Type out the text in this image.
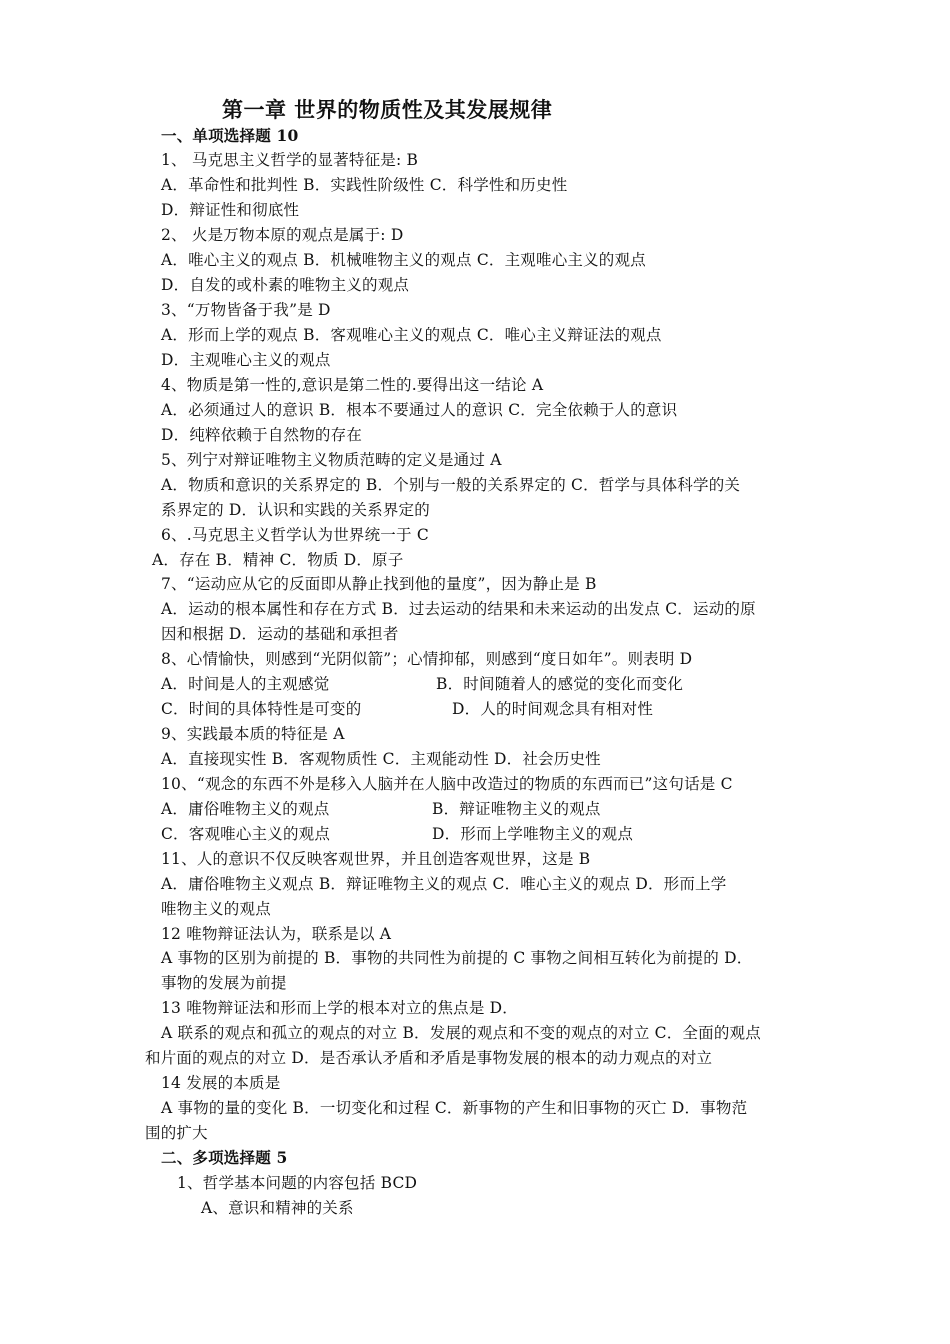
第一章 世界的物质性及其发展规律
一、单项选择题 10
1、 马克思主义哲学的显著特征是: B
A．革命性和批判性 B．实践性阶级性 C．科学性和历史性
D．辩证性和彻底性
2、 火是万物本原的观点是属于: D
A．唯心主义的观点 B．机械唯物主义的观点 C．主观唯心主义的观点
D．自发的或朴素的唯物主义的观点
3、“万物皆备于我”是 D
A．形而上学的观点 B．客观唯心主义的观点 C．唯心主义辩证法的观点
D．主观唯心主义的观点
4、物质是第一性的,意识是第二性的.要得出这一结论 A
A．必须通过人的意识 B．根本不要通过人的意识 C．完全依赖于人的意识
D．纯粹依赖于自然物的存在
5、列宁对辩证唯物主义物质范畴的定义是通过 A
A．物质和意识的关系界定的 B．个别与一般的关系界定的 C．哲学与具体科学的关
系界定的 D．认识和实践的关系界定的
6、.马克思主义哲学认为世界统一于 C
A．存在 B．精神 C．物质 D．原子
7、“运动应从它的反面即从静止找到他的量度”，因为静止是 B
A．运动的根本属性和存在方式 B．过去运动的结果和未来运动的出发点 C．运动的原
因和根据 D．运动的基础和承担者
8、心情愉快，则感到“光阴似箭”；心情抑郁，则感到“度日如年”。则表明 D
A．时间是人的主观感觉	B．时间随着人的感觉的变化而变化
C．时间的具体特性是可变的	D．人的时间观念具有相对性
9、实践最本质的特征是 A
A．直接现实性 B．客观物质性 C．主观能动性 D．社会历史性
10、“观念的东西不外是移入人脑并在人脑中改造过的物质的东西而已”这句话是 C
A．庸俗唯物主义的观点	B．辩证唯物主义的观点
C．客观唯心主义的观点	D．形而上学唯物主义的观点
11、人的意识不仅反映客观世界，并且创造客观世界，这是 B
A．庸俗唯物主义观点 B．辩证唯物主义的观点 C．唯心主义的观点 D．形而上学
唯物主义的观点
12 唯物辩证法认为，联系是以 A
A 事物的区别为前提的 B．事物的共同性为前提的 C 事物之间相互转化为前提的 D．
事物的发展为前提
13 唯物辩证法和形而上学的根本对立的焦点是 D．
A 联系的观点和孤立的观点的对立 B．发展的观点和不变的观点的对立 C．全面的观点
和片面的观点的对立 D．是否承认矛盾和矛盾是事物发展的根本的动力观点的对立
14 发展的本质是
A 事物的量的变化 B．一切变化和过程 C．新事物的产生和旧事物的灭亡 D．事物范
围的扩大
二、多项选择题 5
1、哲学基本问题的内容包括 BCD
A、意识和精神的关系
